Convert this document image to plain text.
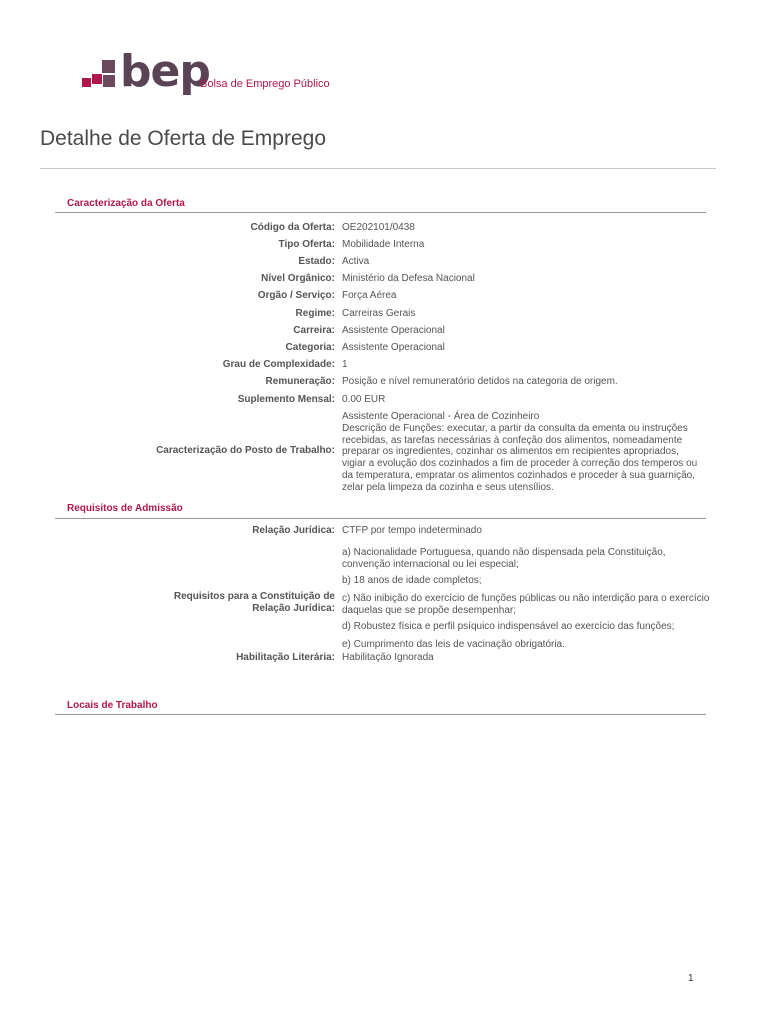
bep
Bolsa de Emprego Público
Detalhe de Oferta de Emprego
Caracterização da Oferta
Código da Oferta: OE202101/0438
Tipo Oferta: Mobilidade Interna
Estado: Activa
Nível Orgânico: Ministério da Defesa Nacional
Orgão / Serviço: Força Aérea
Regime: Carreiras Gerais
Carreira: Assistente Operacional
Categoria: Assistente Operacional
Grau de Complexidade: 1
Remuneração: Posição e nível remuneratório detidos na categoria de origem.
Suplemento Mensal: 0.00 EUR
Caracterização do Posto de Trabalho:
Assistente Operacional - Área de Cozinheiro
Descrição de Funções: executar, a partir da consulta da ementa ou instruções
recebidas, as tarefas necessárias à confeção dos alimentos, nomeadamente
preparar os ingredientes, cozinhar os alimentos em recipientes apropriados,
vigiar a evolução dos cozinhados a fim de proceder à correção dos temperos ou
da temperatura, empratar os alimentos cozinhados e proceder à sua guarnição,
zelar pela limpeza da cozinha e seus utensílios.
Requisitos de Admissão
Relação Jurídica: CTFP por tempo indeterminado
Requisitos para a Constituição de
Relação Jurídica:
a) Nacionalidade Portuguesa, quando não dispensada pela Constituição, convenção internacional ou lei especial;
b) 18 anos de idade completos;
c) Não inibição do exercício de funções públicas ou não interdição para o exercício daquelas que se propõe desempenhar;
d) Robustez física e perfil psíquico indispensável ao exercício das funções;
e) Cumprimento das leis de vacinação obrigatória.
Habilitação Literária: Habilitação Ignorada
Locais de Trabalho
1
